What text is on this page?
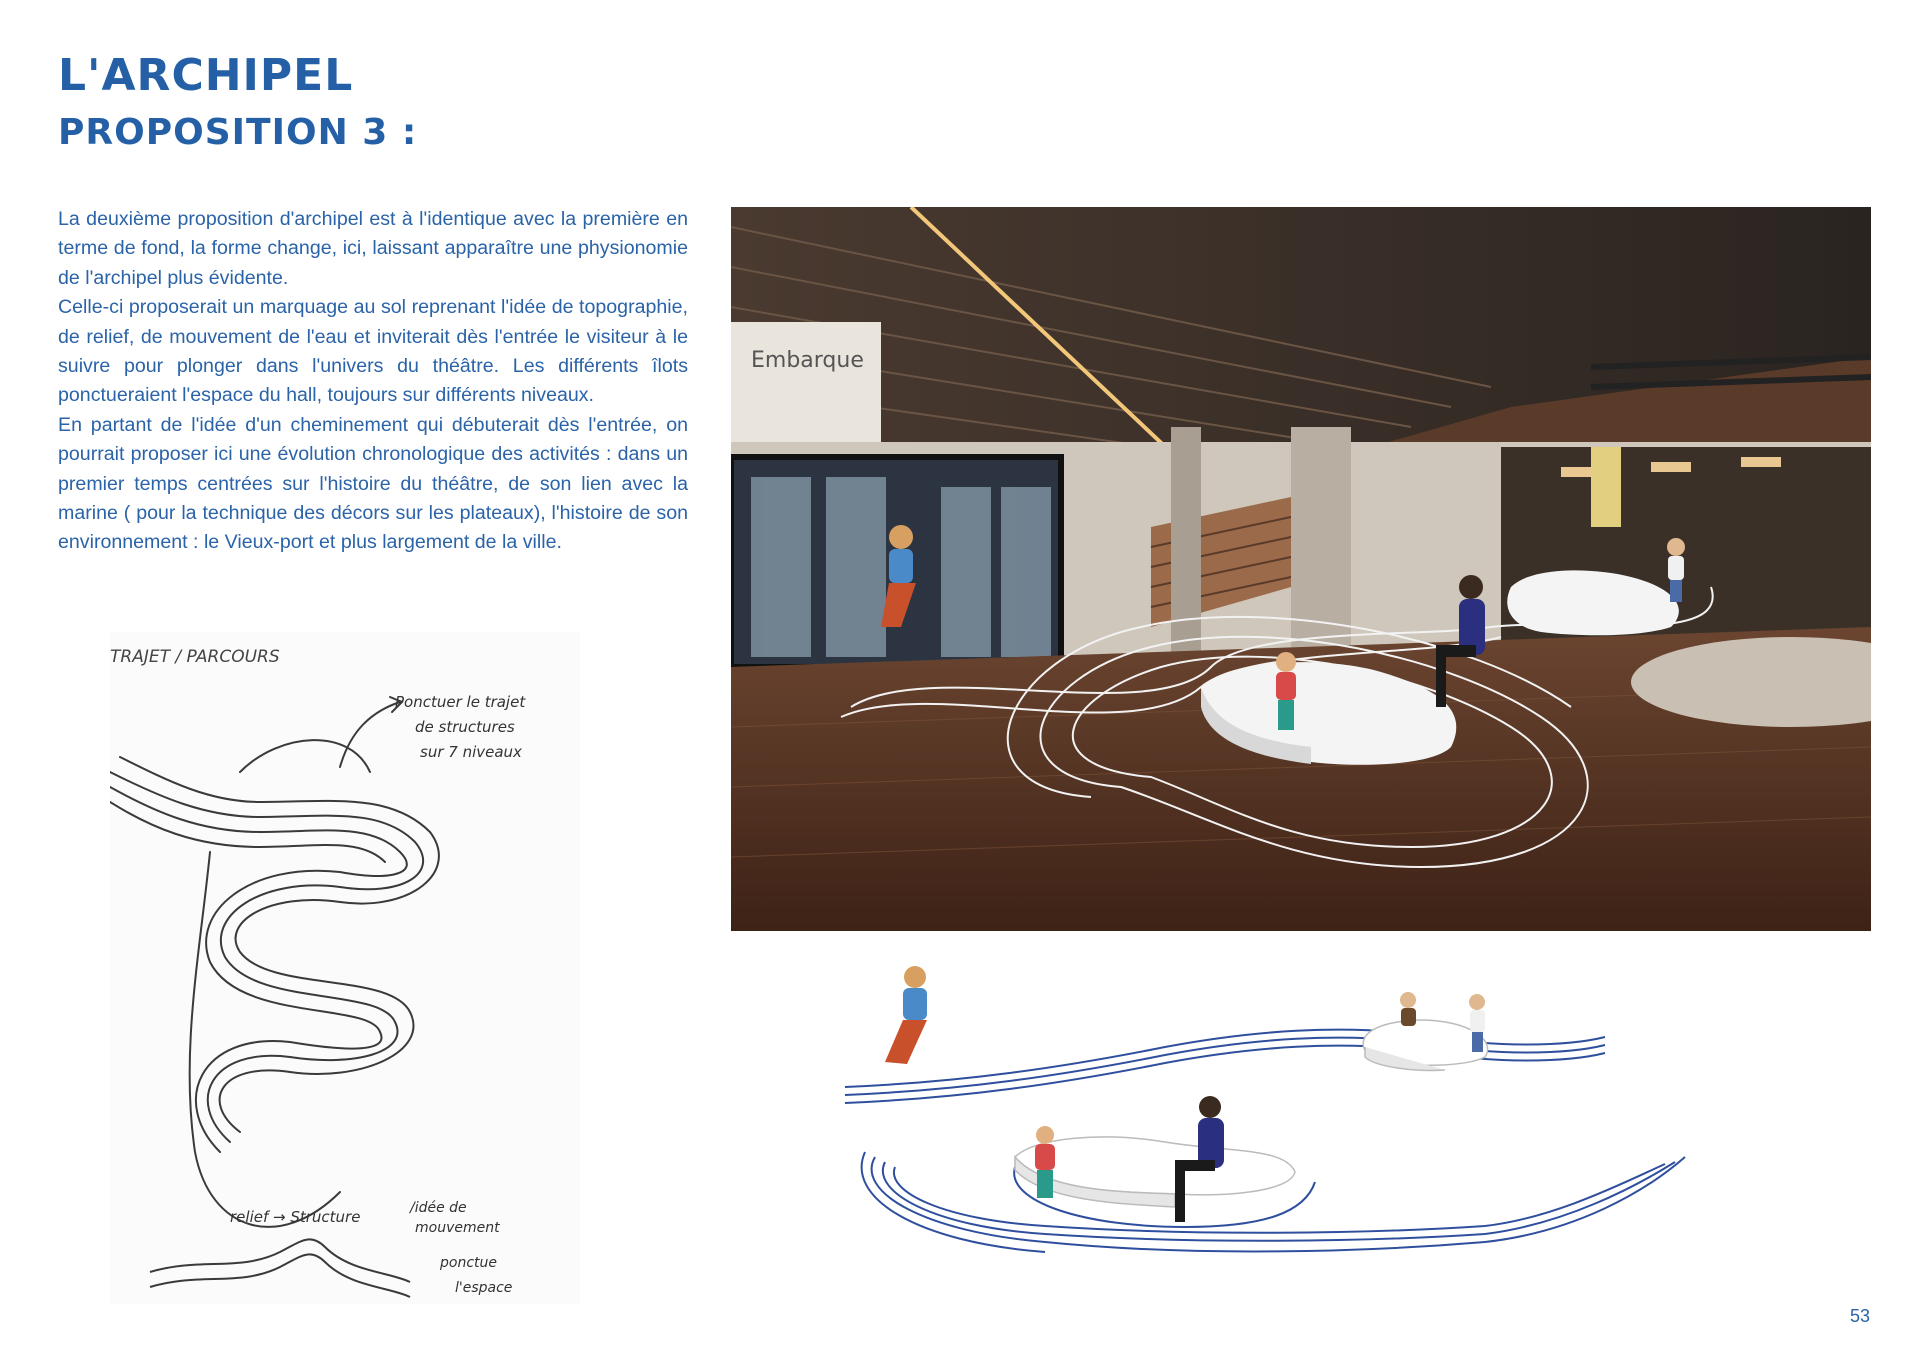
L'ARCHIPEL
PROPOSITION 3 :

La deuxième proposition d'archipel est à l'identique avec la première en terme de fond, la forme change, ici, laissant apparaître une physionomie de l'archipel plus évidente.

Celle-ci proposerait un marquage au sol reprenant l'idée de topographie, de relief, de mouvement de l'eau et inviterait dès l'entrée le visiteur à le suivre pour plonger dans l'univers du théâtre. Les différents îlots ponctueraient l'espace du hall, toujours sur différents niveaux.

En partant de l'idée d'un cheminement qui débuterait dès l'entrée, on pourrait proposer ici une évolution chronologique des activités : dans un premier temps centrées sur l'histoire du théâtre, de son lien avec la marine ( pour la technique des décors sur les plateaux), l'histoire de son environnement : le Vieux-port et plus largement de la ville.

Embarque
TRAJET / PARCOURS
Ponctuer le trajet
de structures
sur 7 niveaux
relief → Structure	/idée de
mouvement
ponctue
l'espace
53
